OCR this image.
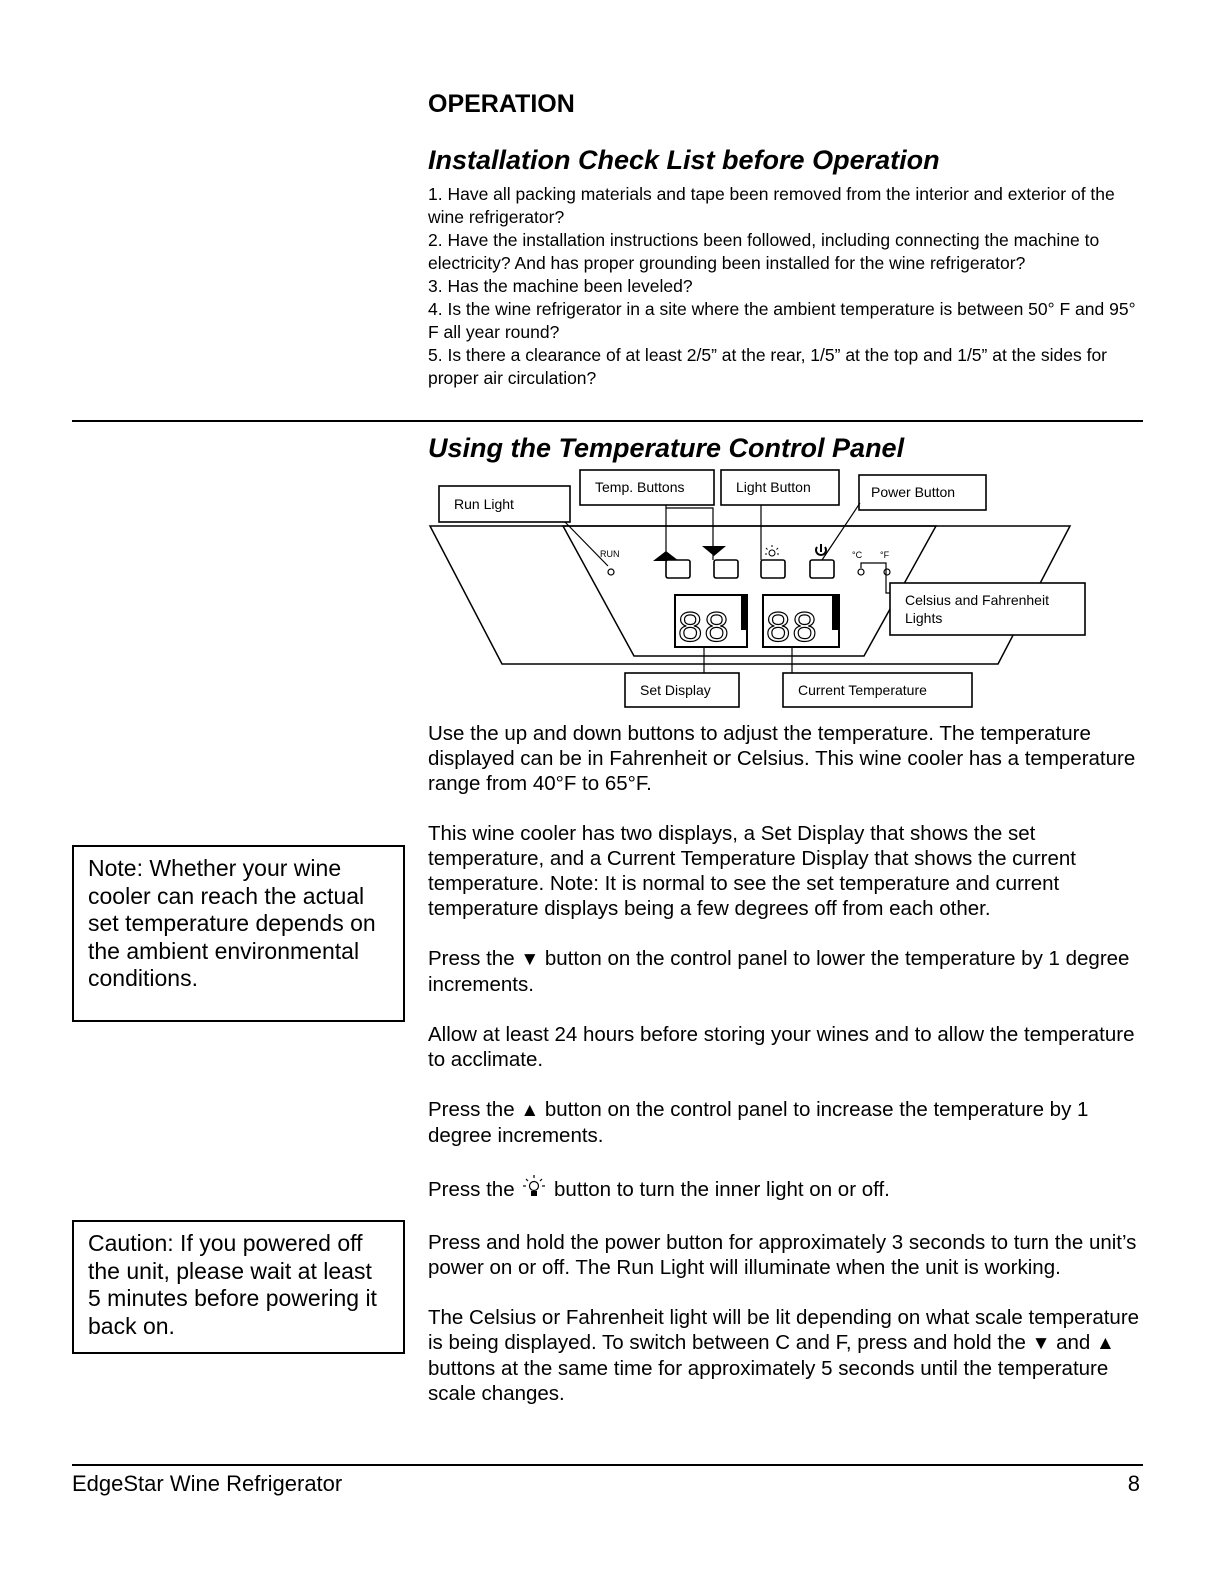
OPERATION
Installation Check List before Operation

1. Have all packing materials and tape been removed from the interior and exterior of the wine refrigerator?

2. Have the installation instructions been followed, including connecting the machine to electricity? And has proper grounding been installed for the wine refrigerator?

3. Has the machine been leveled?

4. Is the wine refrigerator in a site where the ambient temperature is between 50° F and 95° F all year round?

5. Is there a clearance of at least 2/5” at the rear, 1/5” at the top and 1/5” at the sides for proper air circulation?

Using the Temperature Control Panel
Run Light
Temp. Buttons	Light Button	Power Button
Celsius and Fahrenheit
Lights
Set Display	Current Temperature
RUN	°C °F
88 88

Use the up and down buttons to adjust the temperature. The temperature displayed can be in Fahrenheit or Celsius. This wine cooler has a temperature range from 40°F to 65°F.

This wine cooler has two displays, a Set Display that shows the set temperature, and a Current Temperature Display that shows the current temperature. Note: It is normal to see the set temperature and current temperature displays being a few degrees off from each other.

Press the ▼ button on the control panel to lower the temperature by 1 degree increments.

Allow at least 24 hours before storing your wines and to allow the temperature to acclimate.

Press the ▲ button on the control panel to increase the temperature by 1 degree increments.

Press the button to turn the inner light on or off.

Press and hold the power button for approximately 3 seconds to turn the unit’s power on or off. The Run Light will illuminate when the unit is working.

The Celsius or Fahrenheit light will be lit depending on what scale temperature is being displayed. To switch between C and F, press and hold the ▼ and ▲ buttons at the same time for approximately 5 seconds until the temperature scale changes.

Note: Whether your wine cooler can reach the actual set temperature depends on the ambient environmental conditions.
Caution: If you powered off the unit, please wait at least 5 minutes before powering it back on.
EdgeStar Wine Refrigerator	8
